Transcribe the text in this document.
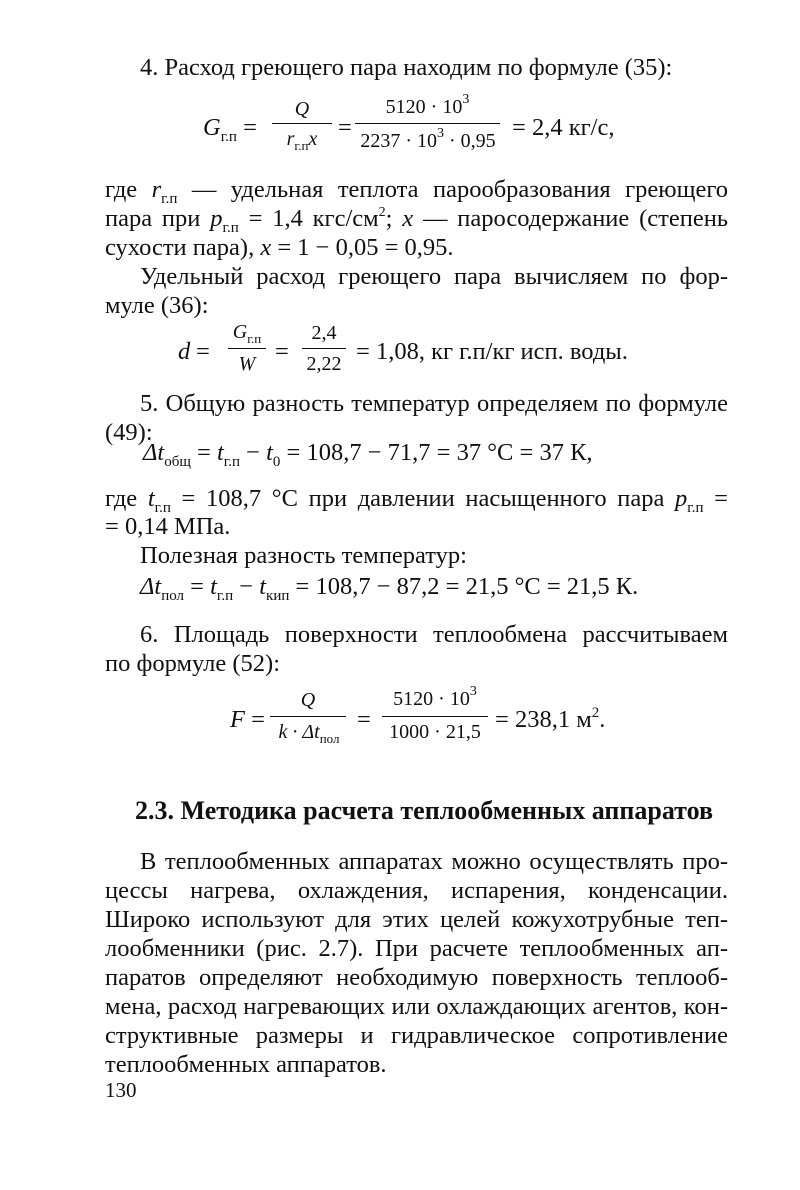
4. Расход греющего пара находим по формуле (35):
$G_{г.п}$ =
Q
$r_{г.п}x$ =
$5120 \cdot 10^3$
$2237 \cdot 10^3 \cdot 0,95 = 2,4$ кг/с,
где $r_{г.п}$ — удельная теплота парообразования греющего
пара при $p_{г.п} = 1,4$ кгс/$см^2$; x — паросодержание (степень
сухости пара), x = 1 − 0,05 = 0,95.
Удельный расход греющего пара вычисляем по фор-
муле (36):
d =
$G_{г.п}$
W =
2,4
2,22 = 1,08, кг г.п/кг исп. воды.
5. Общую разность температур определяем по формуле
(49):
$\Delta t_{общ} = t_{г.п} - t_0 = 108,7 - 71,7 = 37$ °С = 37 К,
где $t_{г.п} = 108,7$ °С при давлении насыщенного пара $p_{г.п}$ =
= 0,14 МПа.
Полезная разность температур:
$\Delta t_{пол} = t_{г.п} - t_{кип} = 108,7 - 87,2 = 21,5$ °С = 21,5 К.
6. Площадь поверхности теплообмена рассчитываем
по формуле (52):
F =
Q
$k \cdot \Delta t_{пол}$
=
$5120 \cdot 10^3$
1000 · 21,5 = 238,1 $м^2$.
2.3. Методика расчета теплообменных аппаратов
В теплообменных аппаратах можно осуществлять про-
цессы нагрева, охлаждения, испарения, конденсации.
Широко используют для этих целей кожухотрубные теп-
лообменники (рис. 2.7). При расчете теплообменных ап-
паратов определяют необходимую поверхность теплооб-
мена, расход нагревающих или охлаждающих агентов, кон-
структивные размеры и гидравлическое сопротивление
теплообменных аппаратов.
130
